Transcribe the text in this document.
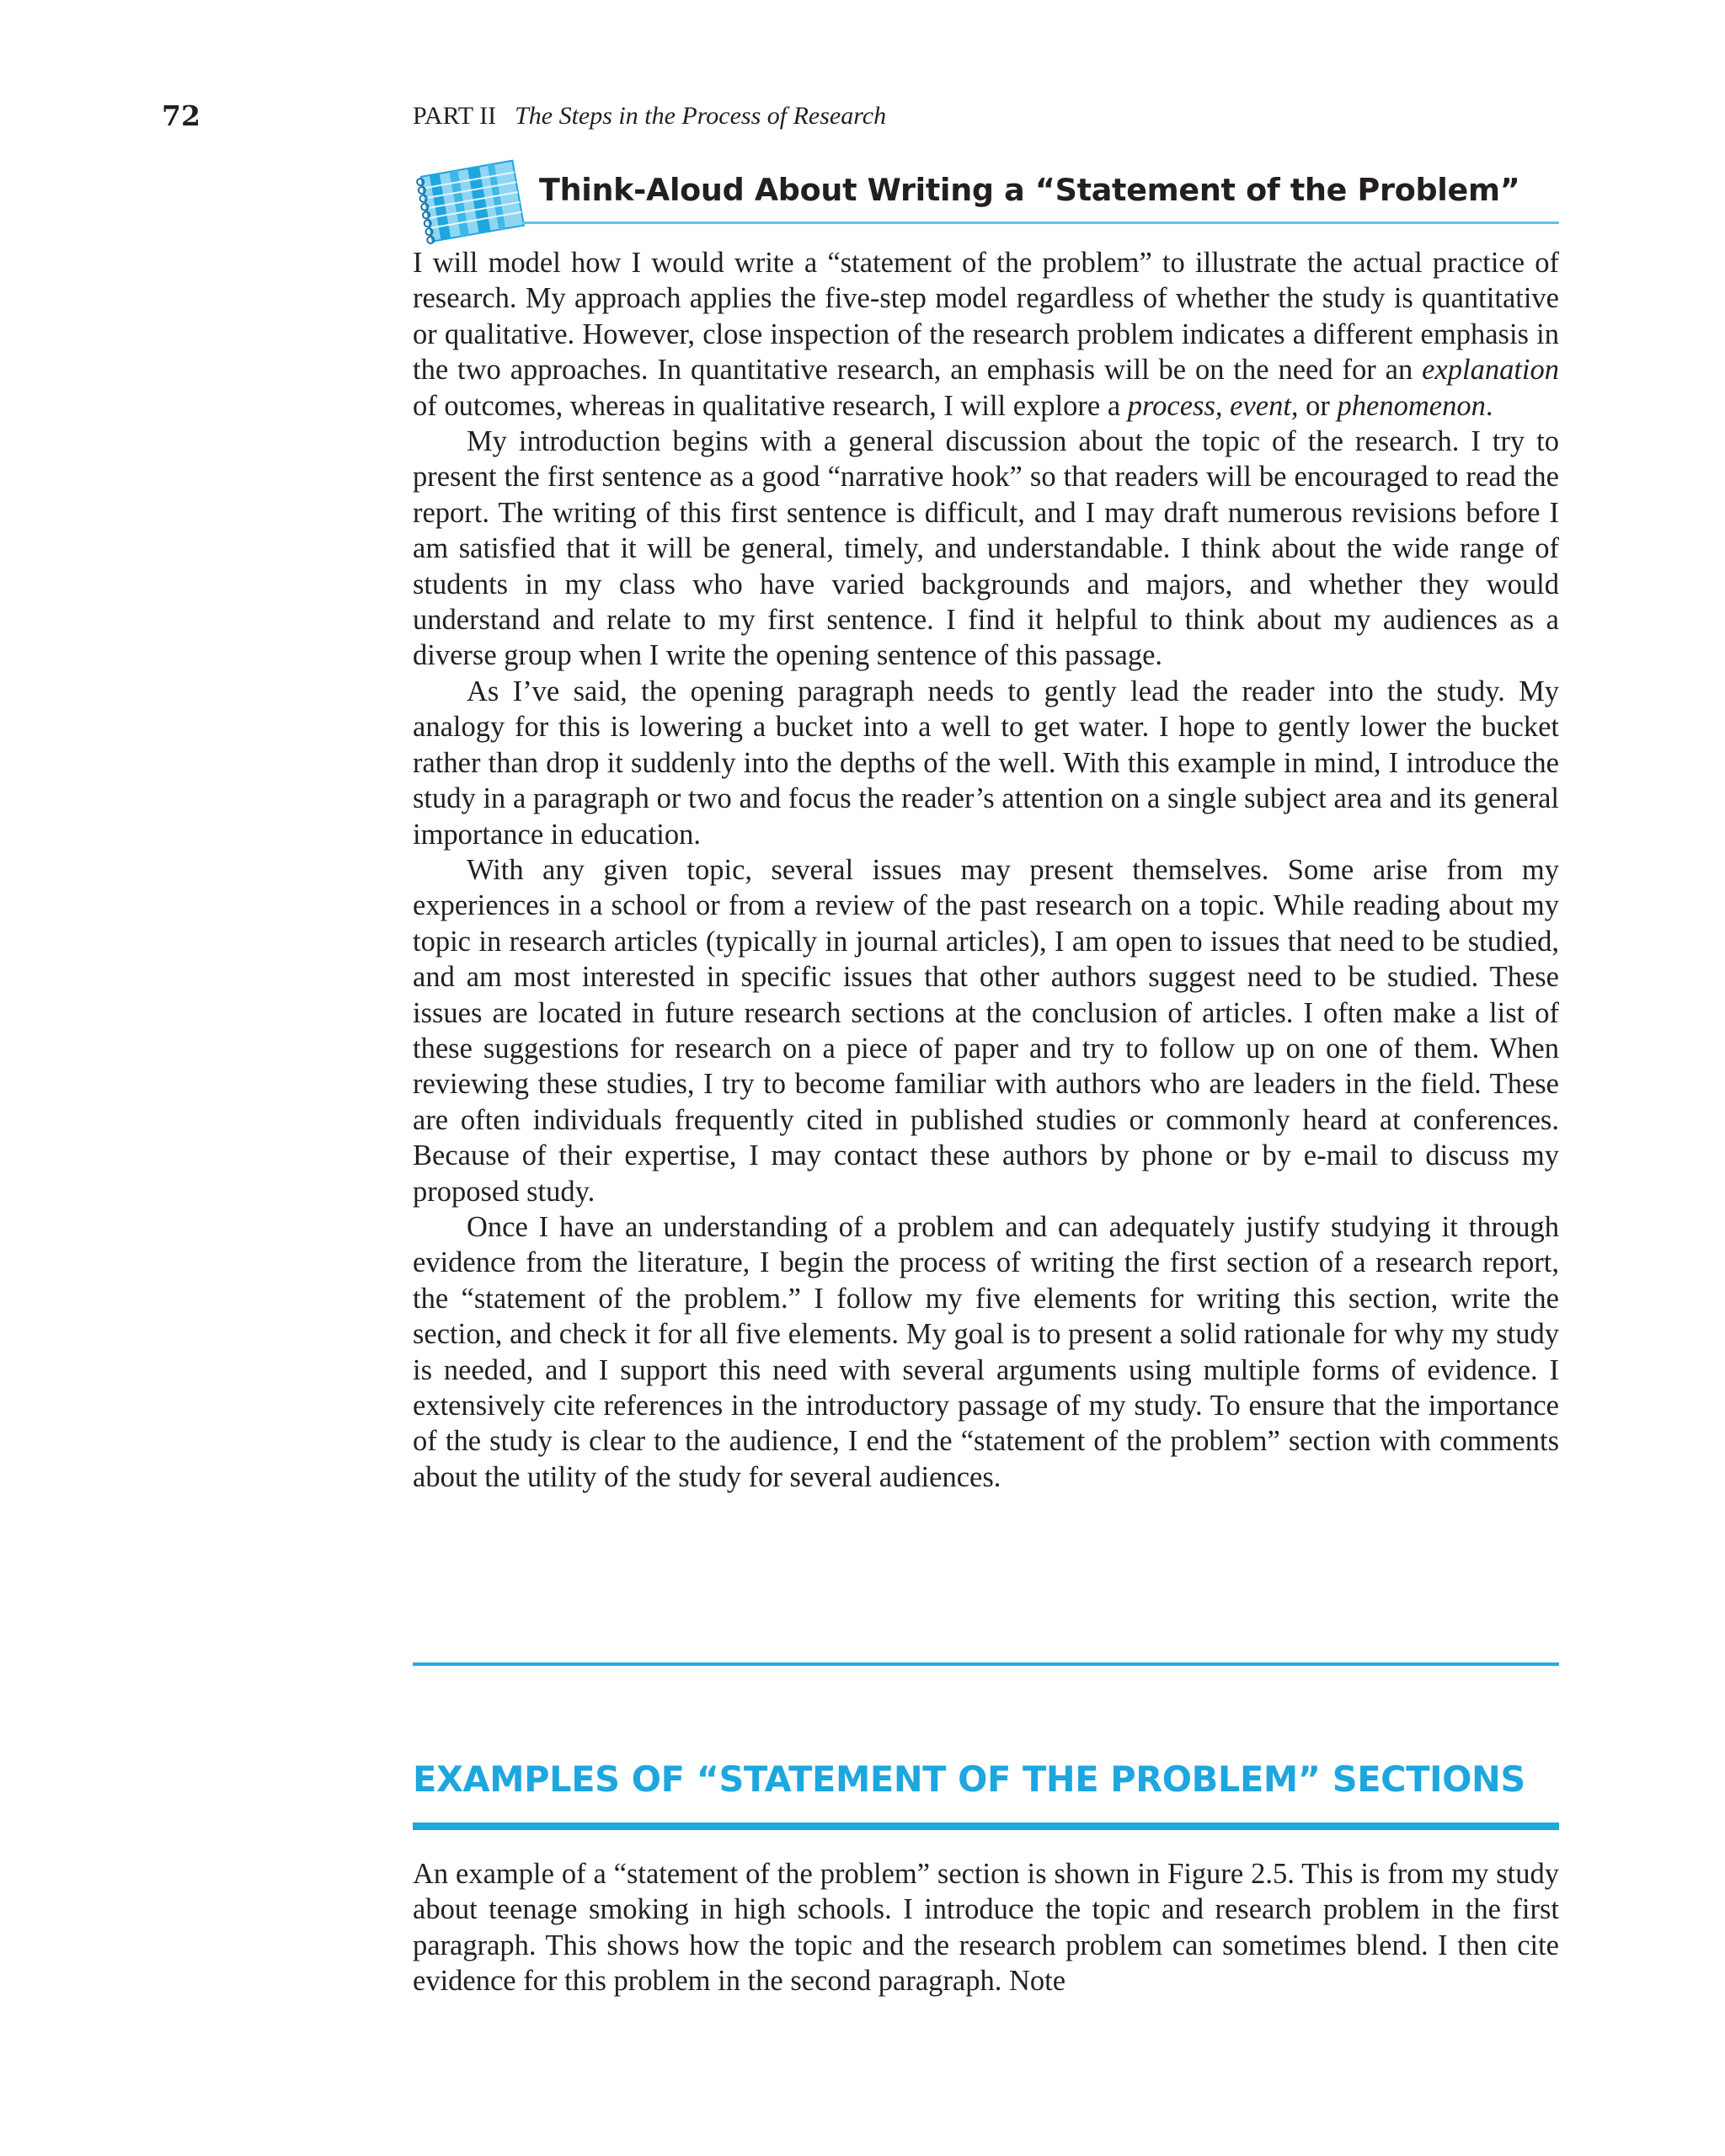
72	PART II The Steps in the Process of Research
Think-Aloud About Writing a “Statement of the Problem”

I will model how I would write a “statement of the problem” to illustrate the actual practice of research. My approach applies the five-step model regardless of whether the study is quantitative or qualitative. However, close inspection of the research problem indicates a different emphasis in the two approaches. In quantitative research, an emphasis will be on the need for an explanation of outcomes, whereas in qualitative research, I will explore a process, event, or phenomenon.

My introduction begins with a general discussion about the topic of the research. I try to present the first sentence as a good “narrative hook” so that readers will be encouraged to read the report. The writing of this first sentence is difficult, and I may draft numerous revisions before I am satisfied that it will be general, timely, and understandable. I think about the wide range of students in my class who have varied backgrounds and majors, and whether they would understand and relate to my first sentence. I find it helpful to think about my audiences as a diverse group when I write the opening sentence of this passage.

As I’ve said, the opening paragraph needs to gently lead the reader into the study. My analogy for this is lowering a bucket into a well to get water. I hope to gently lower the bucket rather than drop it suddenly into the depths of the well. With this example in mind, I introduce the study in a paragraph or two and focus the reader’s attention on a single subject area and its general importance in education.

With any given topic, several issues may present themselves. Some arise from my experiences in a school or from a review of the past research on a topic. While reading about my topic in research articles (typically in journal articles), I am open to issues that need to be studied, and am most interested in specific issues that other authors suggest need to be studied. These issues are located in future research sections at the conclusion of articles. I often make a list of these suggestions for research on a piece of paper and try to follow up on one of them. When reviewing these studies, I try to become familiar with authors who are leaders in the field. These are often individuals frequently cited in published studies or commonly heard at conferences. Because of their expertise, I may contact these authors by phone or by e-mail to discuss my proposed study.

Once I have an understanding of a problem and can adequately justify studying it through evidence from the literature, I begin the process of writing the first section of a research report, the “statement of the problem.” I follow my five elements for writing this section, write the section, and check it for all five elements. My goal is to present a solid rationale for why my study is needed, and I support this need with several arguments using multiple forms of evidence. I extensively cite references in the introductory passage of my study. To ensure that the importance of the study is clear to the audience, I end the “statement of the problem” section with comments about the utility of the study for several audiences.

EXAMPLES OF “STATEMENT OF THE PROBLEM” SECTIONS

An example of a “statement of the problem” section is shown in Figure 2.5. This is from my study about teenage smoking in high schools. I introduce the topic and research problem in the first paragraph. This shows how the topic and the research problem can sometimes blend. I then cite evidence for this problem in the second paragraph. Note
